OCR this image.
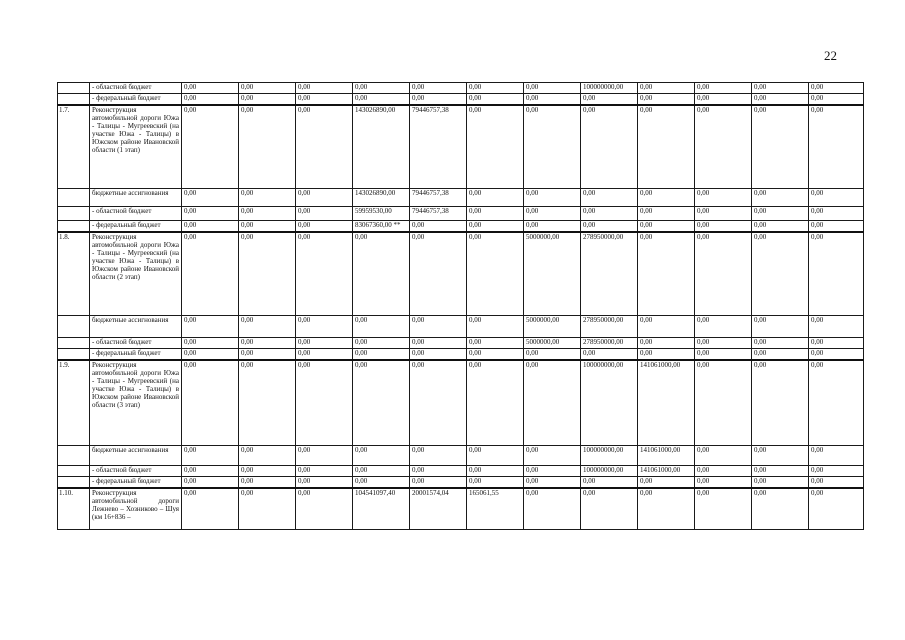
22
	- областной бюджет	0,00	0,00	0,00	0,00	0,00	0,00	0,00	100000000,00	0,00	0,00	0,00	0,00
	- федеральный бюджет	0,00	0,00	0,00	0,00	0,00	0,00	0,00	0,00	0,00	0,00	0,00	0,00
1.7.	Реконструкция автомобильной дороги Южа - Талицы - Мугреевский (на участке Южа - Талицы) в Южском районе Ивановской области (1 этап)	0,00	0,00	0,00	143026890,00	79446757,38	0,00	0,00	0,00	0,00	0,00	0,00	0,00
	бюджетные ассигнования	0,00	0,00	0,00	143026890,00	79446757,38	0,00	0,00	0,00	0,00	0,00	0,00	0,00
	- областной бюджет	0,00	0,00	0,00	59959530,00	79446757,38	0,00	0,00	0,00	0,00	0,00	0,00	0,00
	- федеральный бюджет	0,00	0,00	0,00	83067360,00 **	0,00	0,00	0,00	0,00	0,00	0,00	0,00	0,00
1.8.	Реконструкция автомобильной дороги Южа - Талицы - Мугреевский (на участке Южа - Талицы) в Южском районе Ивановской области (2 этап)	0,00	0,00	0,00	0,00	0,00	0,00	5000000,00	278950000,00	0,00	0,00	0,00	0,00
	бюджетные ассигнования	0,00	0,00	0,00	0,00	0,00	0,00	5000000,00	278950000,00	0,00	0,00	0,00	0,00
	- областной бюджет	0,00	0,00	0,00	0,00	0,00	0,00	5000000,00	278950000,00	0,00	0,00	0,00	0,00
	- федеральный бюджет	0,00	0,00	0,00	0,00	0,00	0,00	0,00	0,00	0,00	0,00	0,00	0,00
1.9.	Реконструкция автомобильной дороги Южа - Талицы - Мугреевский (на участке Южа - Талицы) в Южском районе Ивановской области (3 этап)	0,00	0,00	0,00	0,00	0,00	0,00	0,00	100000000,00	141061000,00	0,00	0,00	0,00
	бюджетные ассигнования	0,00	0,00	0,00	0,00	0,00	0,00	0,00	100000000,00	141061000,00	0,00	0,00	0,00
	- областной бюджет	0,00	0,00	0,00	0,00	0,00	0,00	0,00	100000000,00	141061000,00	0,00	0,00	0,00
	- федеральный бюджет	0,00	0,00	0,00	0,00	0,00	0,00	0,00	0,00	0,00	0,00	0,00	0,00
1.10.	Реконструкция автомобильной дороги Лежнево – Хозниково – Шуя (км 16+836 –	0,00	0,00	0,00	104541097,40	20001574,04	165061,55	0,00	0,00	0,00	0,00	0,00	0,00
